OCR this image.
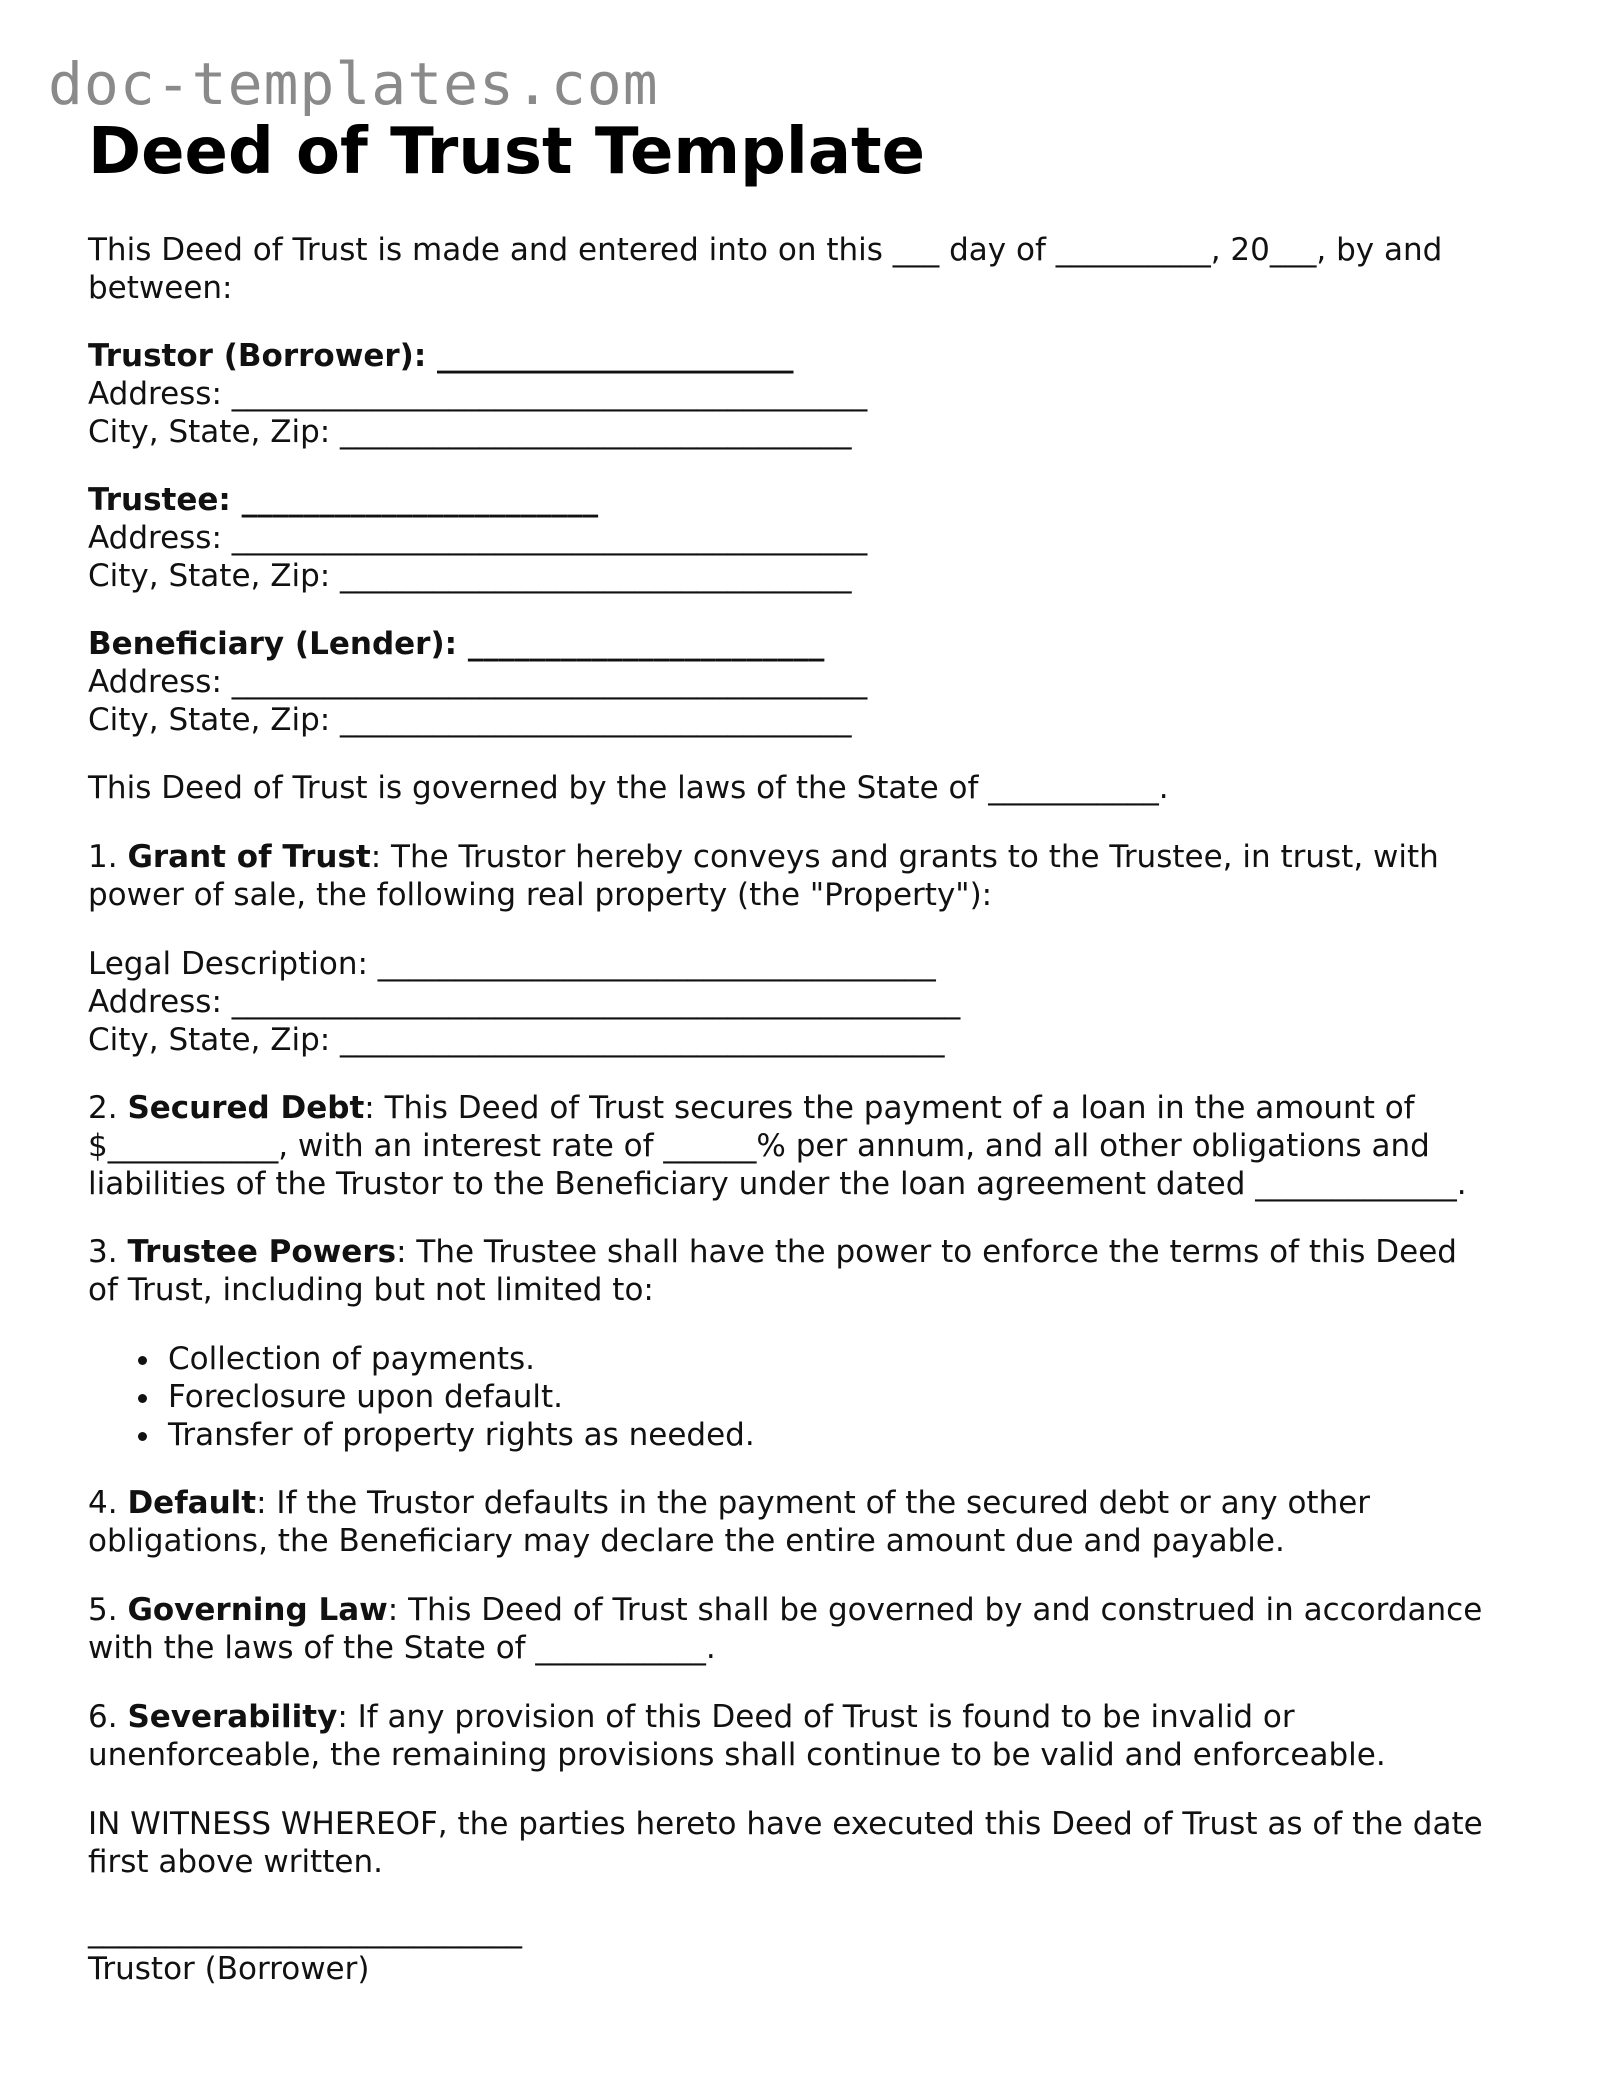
doc-templates.com
Deed of Trust Template
This Deed of Trust is made and entered into on this ___ day of __________, 20___, by and
between:
Trustor (Borrower): _______________________
Address: _________________________________________
City, State, Zip: _________________________________
Trustee: _______________________
Address: _________________________________________
City, State, Zip: _________________________________
Beneficiary (Lender): _______________________
Address: _________________________________________
City, State, Zip: _________________________________
This Deed of Trust is governed by the laws of the State of ___________.
1. Grant of Trust: The Trustor hereby conveys and grants to the Trustee, in trust, with
power of sale, the following real property (the "Property"):
Legal Description: ____________________________________
Address: _______________________________________________
City, State, Zip: _______________________________________
2. Secured Debt: This Deed of Trust secures the payment of a loan in the amount of
$___________, with an interest rate of ______% per annum, and all other obligations and
liabilities of the Trustor to the Beneficiary under the loan agreement dated _____________.
3. Trustee Powers: The Trustee shall have the power to enforce the terms of this Deed
of Trust, including but not limited to:
Collection of payments.
Foreclosure upon default.
Transfer of property rights as needed.
4. Default: If the Trustor defaults in the payment of the secured debt or any other
obligations, the Beneficiary may declare the entire amount due and payable.
5. Governing Law: This Deed of Trust shall be governed by and construed in accordance
with the laws of the State of ___________.
6. Severability: If any provision of this Deed of Trust is found to be invalid or
unenforceable, the remaining provisions shall continue to be valid and enforceable.
IN WITNESS WHEREOF, the parties hereto have executed this Deed of Trust as of the date
first above written.
____________________________
Trustor (Borrower)
